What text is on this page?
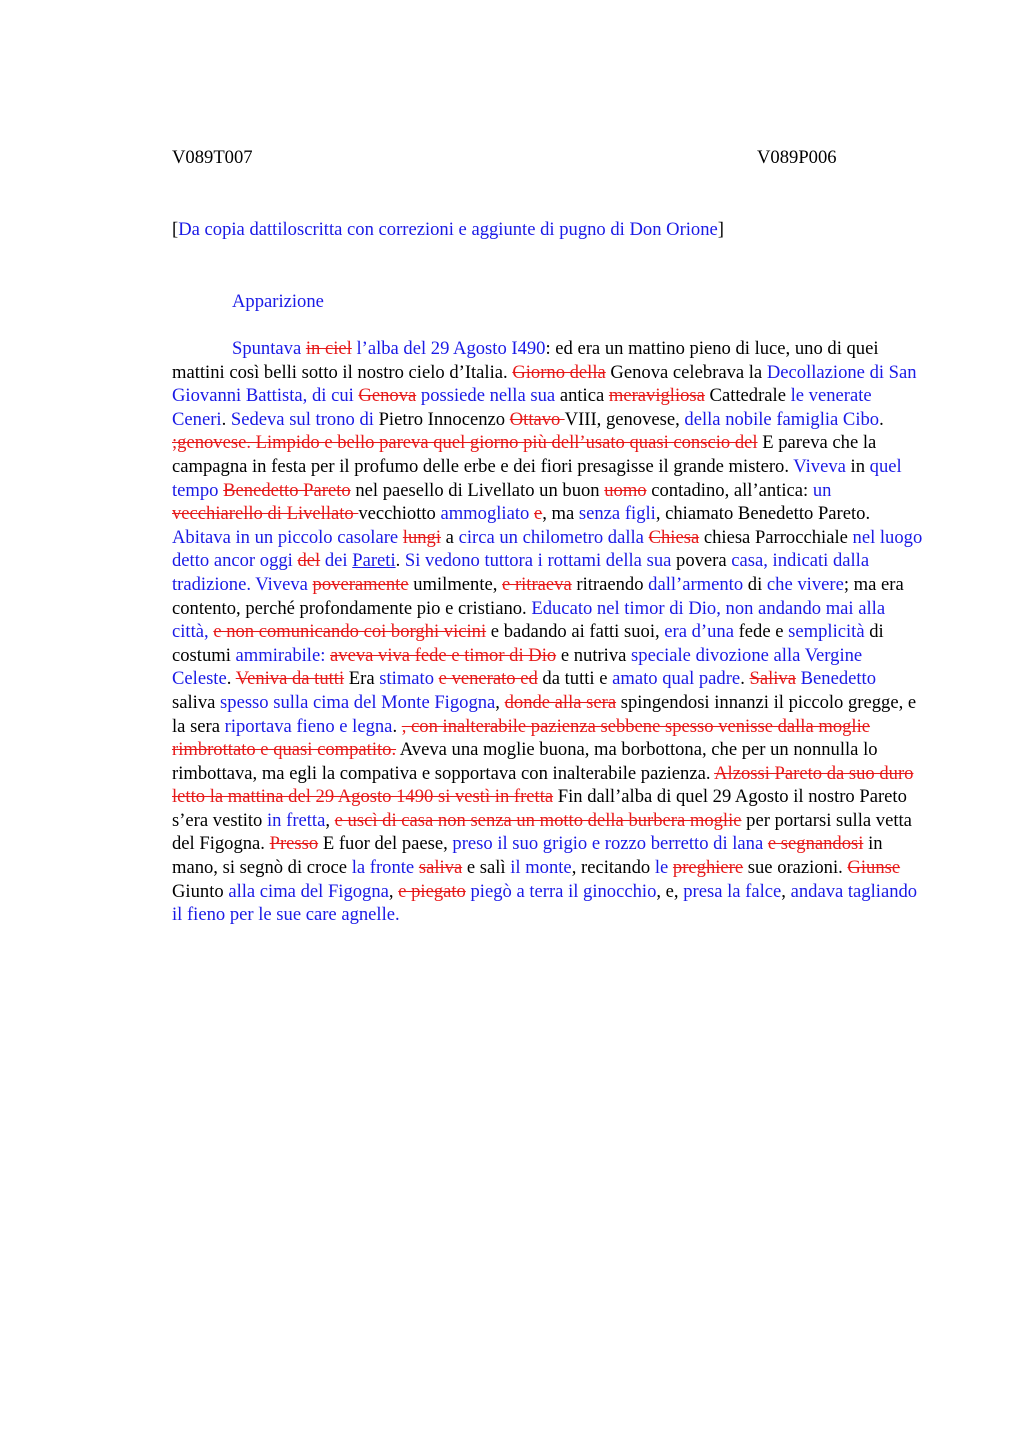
V089T007	V089P006
[Da copia dattiloscritta con correzioni e aggiunte di pugno di Don Orione]
Apparizione
Spuntava in ciel l’alba del 29 Agosto I490: ed era un mattino pieno di luce, uno di quei mattini così belli sotto il nostro cielo d’Italia. Giorno della Genova celebrava la Decollazione di San Giovanni Battista, di cui Genova possiede nella sua antica meravigliosa Cattedrale le venerate Ceneri. Sedeva sul trono di Pietro Innocenzo Ottavo VIII, genovese, della nobile famiglia Cibo. ;genovese. Limpido e bello pareva quel giorno più dell’usato quasi conscio del E pareva che la campagna in festa per il profumo delle erbe e dei fiori presagisse il grande mistero. Viveva in quel tempo Benedetto Pareto nel paesello di Livellato un buon uomo contadino, all’antica: un vecchiarello di Livellato vecchiotto ammogliato e, ma senza figli, chiamato Benedetto Pareto. Abitava in un piccolo casolare lungi a circa un chilometro dalla Chiesa chiesa Parrocchiale nel luogo detto ancor oggi del dei Pareti. Si vedono tuttora i rottami della sua povera casa, indicati dalla tradizione. Viveva poveramente umilmente, e ritraeva ritraendo dall’armento di che vivere; ma era contento, perché profondamente pio e cristiano. Educato nel timor di Dio, non andando mai alla città, e non comunicando coi borghi vicini e badando ai fatti suoi, era d’una fede e semplicità di costumi ammirabile: aveva viva fede e timor di Dio e nutriva speciale divozione alla Vergine Celeste. Veniva da tutti Era stimato e venerato ed da tutti e amato qual padre. Saliva Benedetto saliva spesso sulla cima del Monte Figogna, donde alla sera spingendosi innanzi il piccolo gregge, e la sera riportava fieno e legna. , con inalterabile pazienza sebbene spesso venisse dalla moglie rimbrottato e quasi compatito. Aveva una moglie buona, ma borbottona, che per un nonnulla lo rimbottava, ma egli la compativa e sopportava con inalterabile pazienza. Alzossi Pareto da suo duro letto la mattina del 29 Agosto 1490 si vestì in fretta Fin dall’alba di quel 29 Agosto il nostro Pareto s’era vestito in fretta, e uscì di casa non senza un motto della burbera moglie per portarsi sulla vetta del Figogna. Presso E fuor del paese, preso il suo grigio e rozzo berretto di lana e segnandosi in mano, si segnò di croce la fronte saliva e salì il monte, recitando le preghiere sue orazioni. Giunse Giunto alla cima del Figogna, e piegato piegò a terra il ginocchio, e, presa la falce, andava tagliando il fieno per le sue care agnelle.
